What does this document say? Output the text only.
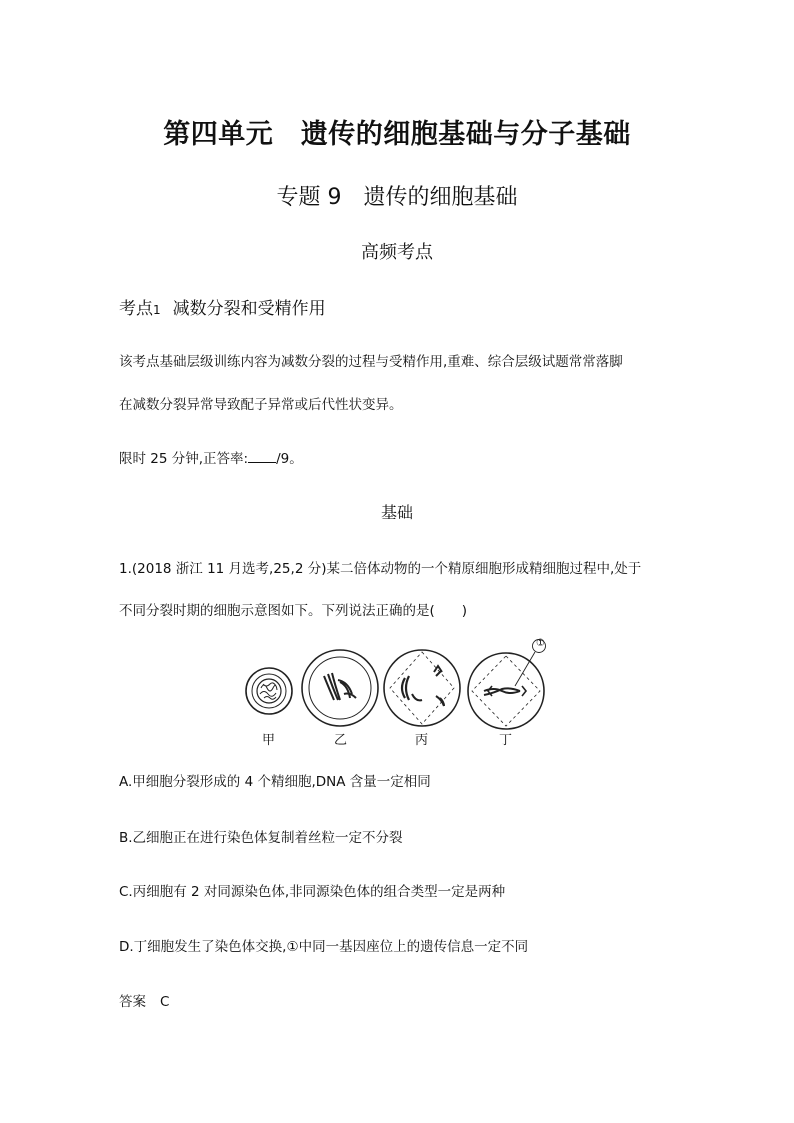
第四单元　遗传的细胞基础与分子基础
专题 9　遗传的细胞基础
高频考点
考点1 减数分裂和受精作用
该考点基础层级训练内容为减数分裂的过程与受精作用,重难、综合层级试题常常落脚
在减数分裂异常导致配子异常或后代性状变异。
限时 25 分钟,正答率: /9。
基础
1.(2018 浙江 11 月选考,25,2 分)某二倍体动物的一个精原细胞形成精细胞过程中,处于
不同分裂时期的细胞示意图如下。下列说法正确的是(　　)
①
甲	乙	丙	丁
A.甲细胞分裂形成的 4 个精细胞,DNA 含量一定相同
B.乙细胞正在进行染色体复制着丝粒一定不分裂
C.丙细胞有 2 对同源染色体,非同源染色体的组合类型一定是两种
D.丁细胞发生了染色体交换,①中同一基因座位上的遗传信息一定不同
答案 C
